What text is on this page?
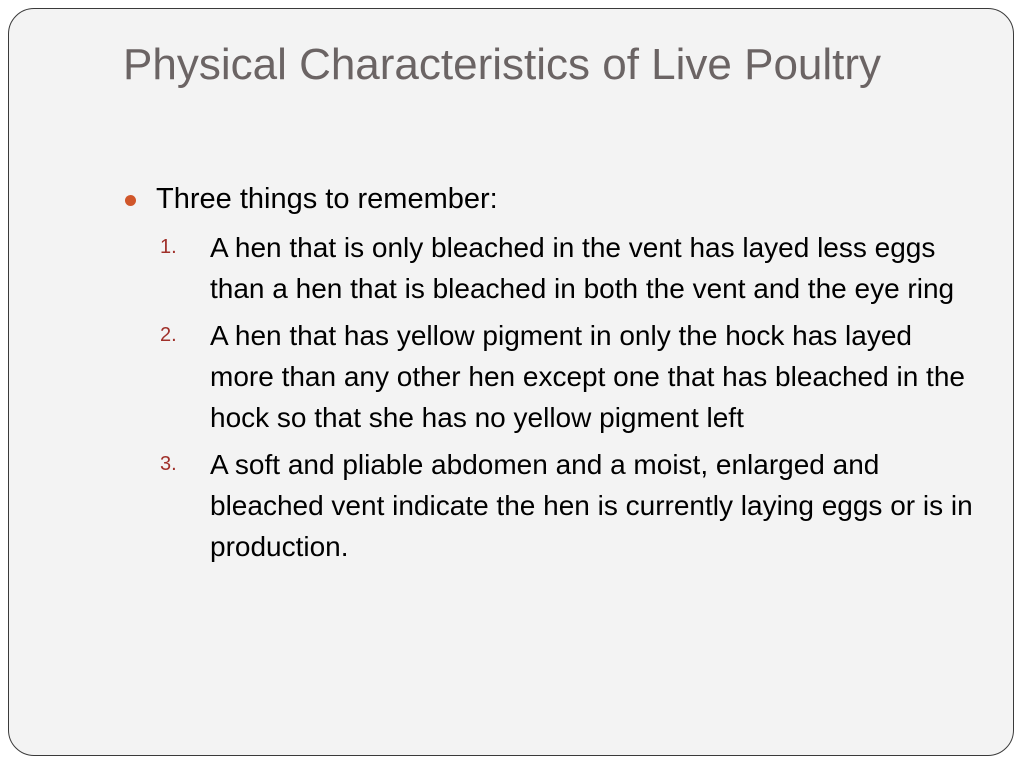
Physical Characteristics of Live Poultry
Three things to remember:
1.	A hen that is only bleached in the vent has layed less eggs than a hen that is bleached in both the vent and the eye ring
2.	A hen that has yellow pigment in only the hock has layed more than any other hen except one that has bleached in the hock so that she has no yellow pigment left
3.	A soft and pliable abdomen and a moist, enlarged and bleached vent indicate the hen is currently laying eggs or is in production.
